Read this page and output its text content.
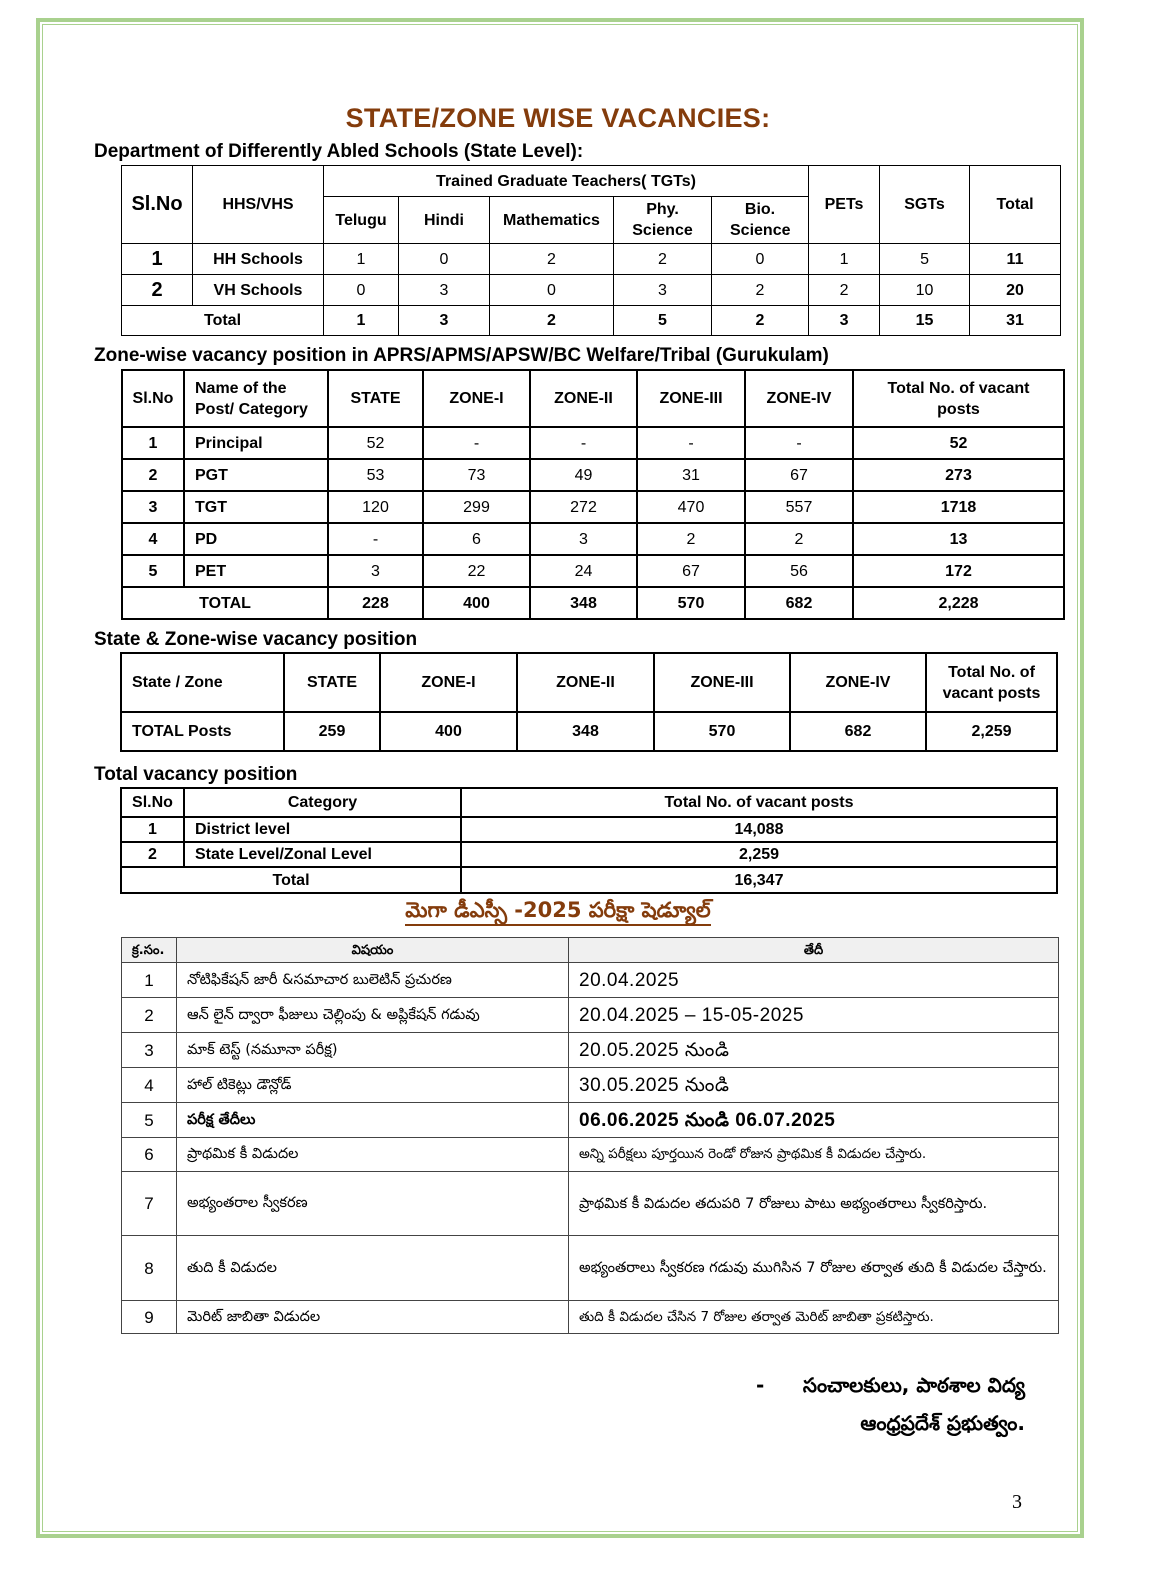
STATE/ZONE WISE VACANCIES:
Department of Differently Abled Schools (State Level):
Sl.No	HHS/VHS	Trained Graduate Teachers( TGTs)					PETs	SGTs	Total
		Telugu	Hindi	Mathematics	Phy. Science	Bio. Science			
1	HH Schools	1	0	2	2	0	1	5	11
2	VH Schools	0	3	0	3	2	2	10	20
Total		1	3	2	5	2	3	15	31
Zone-wise vacancy position in APRS/APMS/APSW/BC Welfare/Tribal (Gurukulam)
Sl.No	Name of the Post/ Category	STATE	ZONE-I	ZONE-II	ZONE-III	ZONE-IV	Total No. of vacant posts
1	Principal	52	-	-	-	-	52
2	PGT	53	73	49	31	67	273
3	TGT	120	299	272	470	557	1718
4	PD	-	6	3	2	2	13
5	PET	3	22	24	67	56	172
TOTAL		228	400	348	570	682	2,228
State & Zone-wise vacancy position
State / Zone	STATE	ZONE-I	ZONE-II	ZONE-III	ZONE-IV	Total No. of vacant posts
TOTAL Posts	259	400	348	570	682	2,259
Total vacancy position
Sl.No	Category	Total No. of vacant posts
1	District level	14,088
2	State Level/Zonal Level	2,259
Total		16,347
మెగా డీఎస్సీ -2025 పరీక్షా షెడ్యూల్
క్ర.సం.	విషయం	తేదీ
1	నోటిఫికేషన్ జారీ &సమాచార బులెటిన్ ప్రచురణ	20.04.2025
2	ఆన్ లైన్ ద్వారా ఫీజులు చెల్లింపు & అప్లికేషన్ గడువు	20.04.2025 – 15-05-2025
3	మాక్ టెస్ట్ (నమూనా పరీక్ష)	20.05.2025 నుండి
4	హాల్ టికెట్లు డౌన్లోడ్	30.05.2025 నుండి
5	పరీక్ష తేదీలు	06.06.2025 నుండి 06.07.2025
6	ప్రాథమిక కీ విడుదల	అన్ని పరీక్షలు పూర్తయిన రెండో రోజున ప్రాథమిక కీ విడుదల చేస్తారు.
7	అభ్యంతరాల స్వీకరణ	ప్రాథమిక కీ విడుదల తదుపరి 7 రోజులు పాటు అభ్యంతరాలు స్వీకరిస్తారు.
8	తుది కీ విడుదల	అభ్యంతరాలు స్వీకరణ గడువు ముగిసిన 7 రోజుల తర్వాత తుది కీ విడుదల చేస్తారు.
9	మెరిట్ జాబితా విడుదల	తుది కీ విడుదల చేసిన 7 రోజుల తర్వాత మెరిట్ జాబితా ప్రకటిస్తారు.
- సంచాలకులు, పాఠశాల విద్య
ఆంధ్రప్రదేశ్ ప్రభుత్వం.
3
